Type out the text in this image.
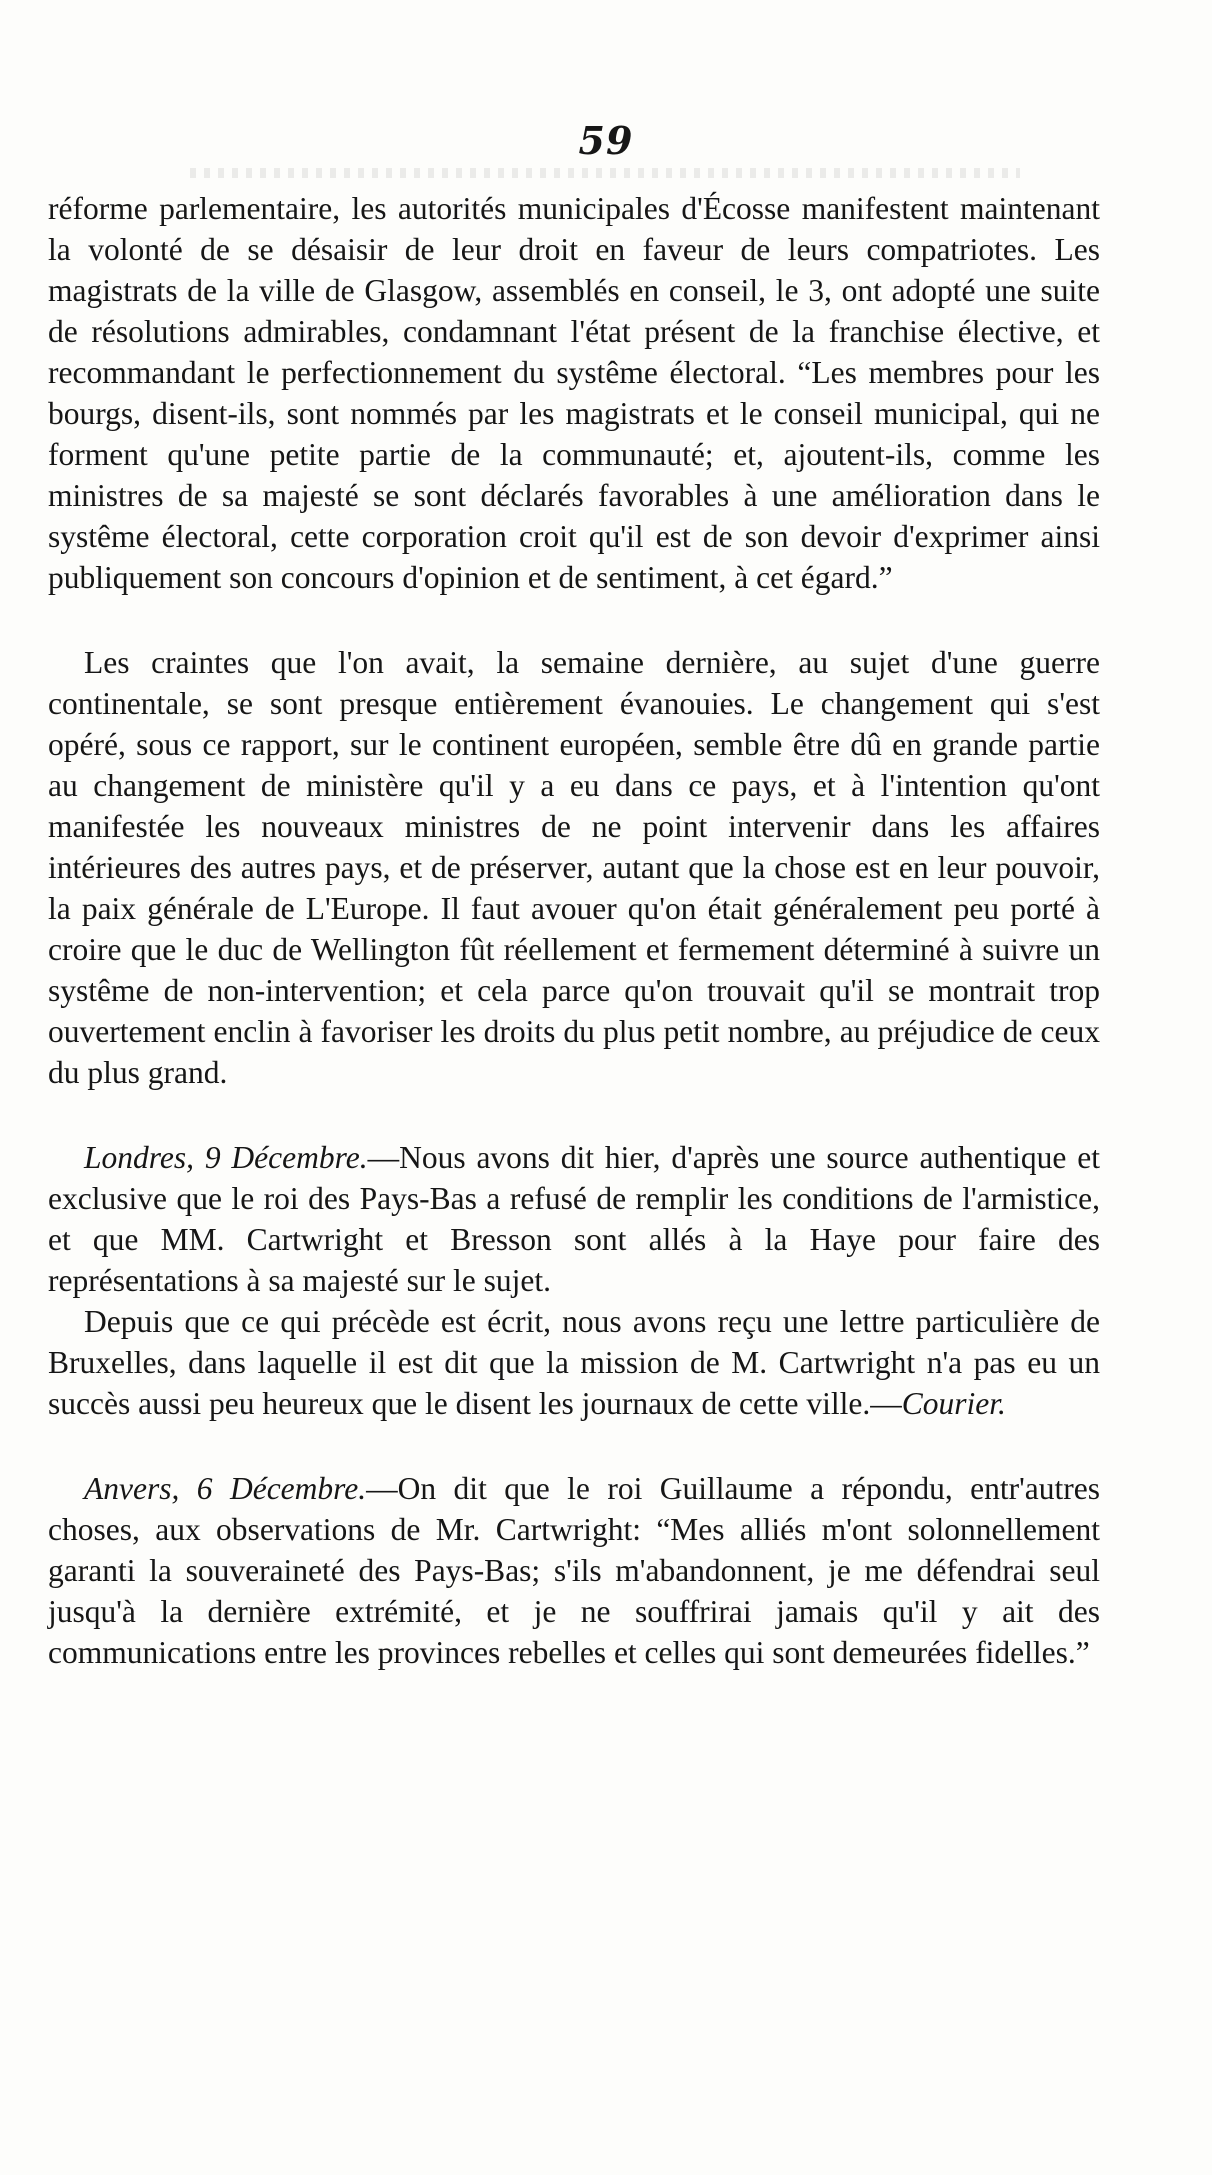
59

réforme parlementaire, les autorités municipales d'Écosse manifestent maintenant la volonté de se désaisir de leur droit en faveur de leurs compatriotes. Les magistrats de la ville de Glasgow, assemblés en conseil, le 3, ont adopté une suite de résolutions admirables, condamnant l'état présent de la franchise élective, et recommandant le perfectionnement du systême électoral. “Les membres pour les bourgs, disent-ils, sont nommés par les magistrats et le conseil municipal, qui ne forment qu'une petite partie de la communauté; et, ajoutent-ils, comme les ministres de sa majesté se sont déclarés favorables à une amélioration dans le systême électoral, cette corporation croit qu'il est de son devoir d'exprimer ainsi publiquement son concours d'opinion et de sentiment, à cet égard.”

Les craintes que l'on avait, la semaine dernière, au sujet d'une guerre continentale, se sont presque entièrement évanouies. Le changement qui s'est opéré, sous ce rapport, sur le continent européen, semble être dû en grande partie au changement de ministère qu'il y a eu dans ce pays, et à l'intention qu'ont manifestée les nouveaux ministres de ne point intervenir dans les affaires intérieures des autres pays, et de préserver, autant que la chose est en leur pouvoir, la paix générale de L'Europe. Il faut avouer qu'on était généralement peu porté à croire que le duc de Wellington fût réellement et fermement déterminé à suivre un systême de non-intervention; et cela parce qu'on trouvait qu'il se montrait trop ouvertement enclin à favoriser les droits du plus petit nombre, au préjudice de ceux du plus grand.

Londres, 9 Décembre.—Nous avons dit hier, d'après une source authentique et exclusive que le roi des Pays-Bas a refusé de remplir les conditions de l'armistice, et que MM. Cartwright et Bresson sont allés à la Haye pour faire des représentations à sa majesté sur le sujet.

Depuis que ce qui précède est écrit, nous avons reçu une lettre particulière de Bruxelles, dans laquelle il est dit que la mission de M. Cartwright n'a pas eu un succès aussi peu heureux que le disent les journaux de cette ville.—Courier.

Anvers, 6 Décembre.—On dit que le roi Guillaume a répondu, entr'autres choses, aux observations de Mr. Cartwright: “Mes alliés m'ont solonnellement garanti la souveraineté des Pays-Bas; s'ils m'abandonnent, je me défendrai seul jusqu'à la dernière extrémité, et je ne souffrirai jamais qu'il y ait des communications entre les provinces rebelles et celles qui sont demeurées fidelles.”
